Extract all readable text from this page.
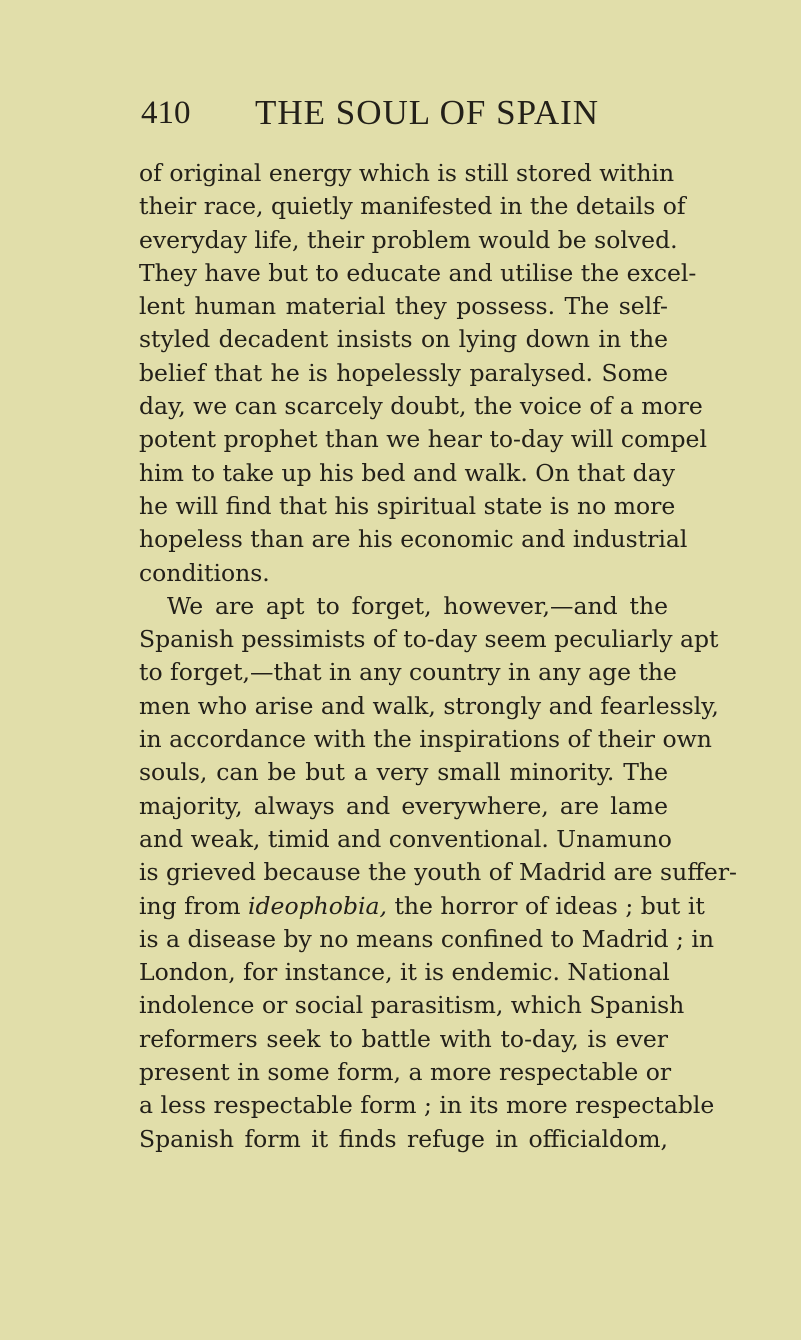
410 THE SOUL OF SPAIN
of original energy which is still stored within
their race, quietly manifested in the details of
everyday life, their problem would be solved.
They have but to educate and utilise the excel-
lent human material they possess. The self-
styled decadent insists on lying down in the
belief that he is hopelessly paralysed. Some
day, we can scarcely doubt, the voice of a more
potent prophet than we hear to-day will compel
him to take up his bed and walk. On that day
he will find that his spiritual state is no more
hopeless than are his economic and industrial
conditions.
We are apt to forget, however,—and the
Spanish pessimists of to-day seem peculiarly apt
to forget,—that in any country in any age the
men who arise and walk, strongly and fearlessly,
in accordance with the inspirations of their own
souls, can be but a very small minority. The
majority, always and everywhere, are lame
and weak, timid and conventional. Unamuno
is grieved because the youth of Madrid are suffer-
ing from ideophobia, the horror of ideas ; but it
is a disease by no means confined to Madrid ; in
London, for instance, it is endemic. National
indolence or social parasitism, which Spanish
reformers seek to battle with to-day, is ever
present in some form, a more respectable or
a less respectable form ; in its more respectable
Spanish form it finds refuge in officialdom,
